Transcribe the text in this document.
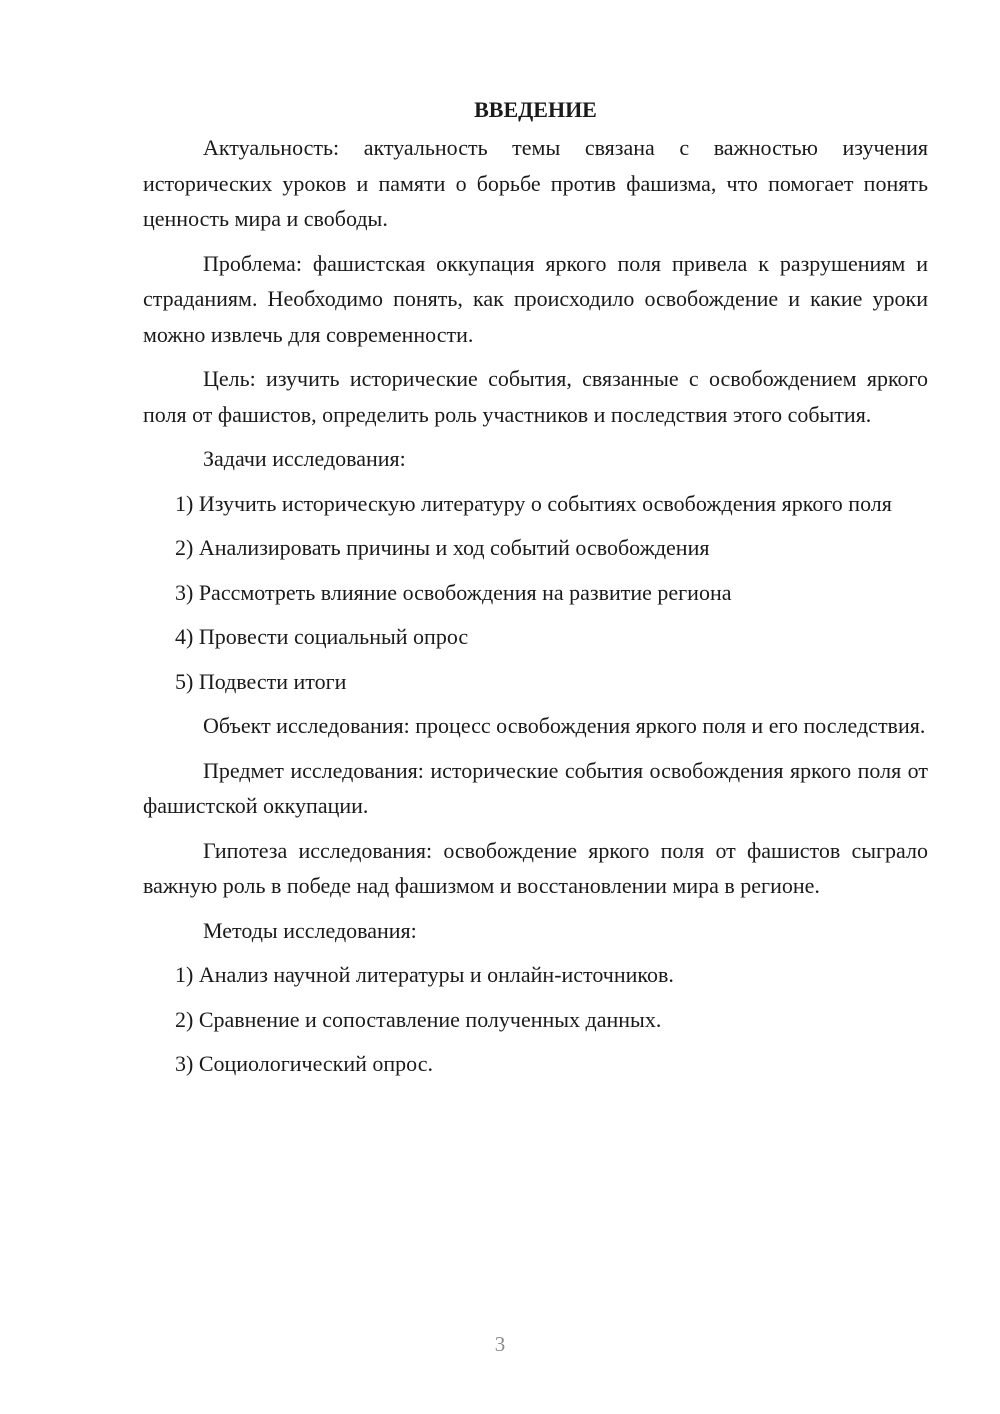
ВВЕДЕНИЕ

Актуальность: актуальность темы связана с важностью изучения исторических уроков и памяти о борьбе против фашизма, что помогает понять ценность мира и свободы.

Проблема: фашистская оккупация яркого поля привела к разрушениям и страданиям. Необходимо понять, как происходило освобождение и какие уроки можно извлечь для современности.

Цель: изучить исторические события, связанные с освобождением яркого поля от фашистов, определить роль участников и последствия этого события.

Задачи исследования:

1) Изучить историческую литературу о событиях освобождения яркого поля

2) Анализировать причины и ход событий освобождения

3) Рассмотреть влияние освобождения на развитие региона

4) Провести социальный опрос

5) Подвести итоги

Объект исследования: процесс освобождения яркого поля и его последствия.

Предмет исследования: исторические события освобождения яркого поля от фашистской оккупации.

Гипотеза исследования: освобождение яркого поля от фашистов сыграло важную роль в победе над фашизмом и восстановлении мира в регионе.

Методы исследования:

1) Анализ научной литературы и онлайн-источников.

2) Сравнение и сопоставление полученных данных.

3) Социологический опрос.

3
